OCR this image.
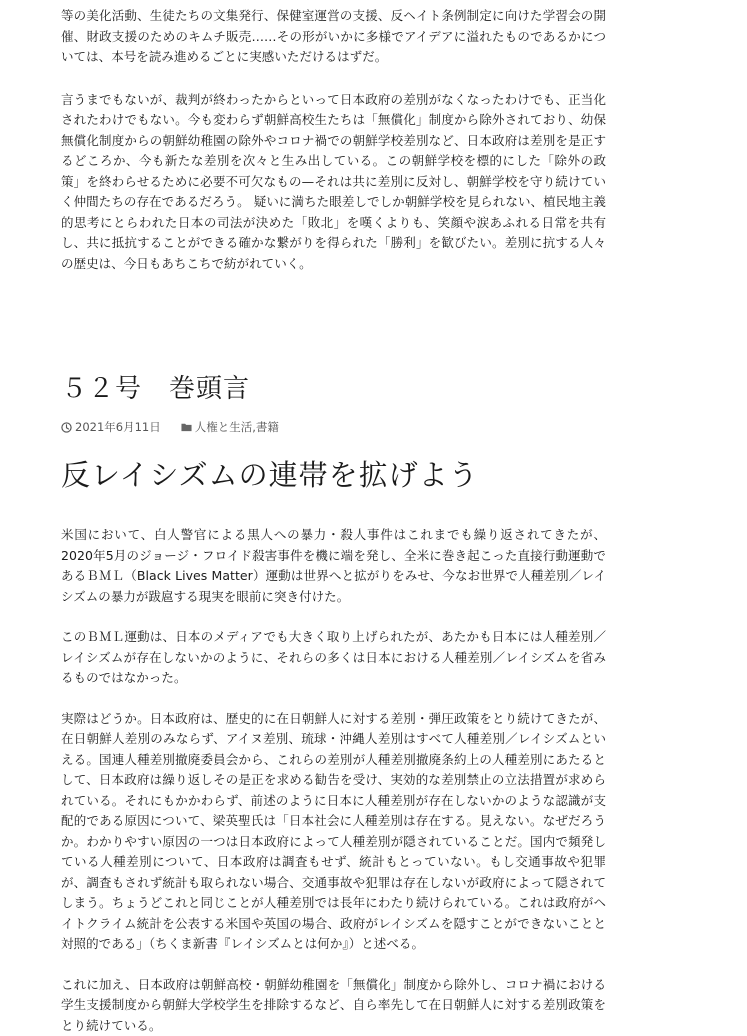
等の美化活動、生徒たちの文集発行、保健室運営の支援、反ヘイト条例制定に向けた学習会の開催、財政支援のためのキムチ販売……その形がいかに多様でアイデアに溢れたものであるかについては、本号を読み進めるごとに実感いただけるはずだ。

言うまでもないが、裁判が終わったからといって日本政府の差別がなくなったわけでも、正当化されたわけでもない。今も変わらず朝鮮高校生たちは「無償化」制度から除外されており、幼保無償化制度からの朝鮮幼稚園の除外やコロナ禍での朝鮮学校差別など、日本政府は差別を是正するどころか、今も新たな差別を次々と生み出している。この朝鮮学校を標的にした「除外の政策」を終わらせるために必要不可欠なもの—それは共に差別に反対し、朝鮮学校を守り続けていく仲間たちの存在であるだろう。 疑いに満ちた眼差しでしか朝鮮学校を見られない、植民地主義的思考にとらわれた日本の司法が決めた「敗北」を嘆くよりも、笑顔や涙あふれる日常を共有し、共に抵抗することができる確かな繋がりを得られた「勝利」を歓びたい。差別に抗する人々の歴史は、今日もあちこちで紡がれていく。

５２号　巻頭言
2021年6月11日	人権と生活 , 書籍
反レイシズムの連帯を拡げよう

米国において、白人警官による黒人への暴力・殺人事件はこれまでも繰り返されてきたが、2020年5月のジョージ・フロイド殺害事件を機に端を発し、全米に巻き起こった直接行動運動であるＢＭＬ（Black Lives Matter）運動は世界へと拡がりをみせ、今なお世界で人種差別／レイシズムの暴力が跋扈する現実を眼前に突き付けた。

このＢＭＬ運動は、日本のメディアでも大きく取り上げられたが、あたかも日本には人種差別／レイシズムが存在しないかのように、それらの多くは日本における人種差別／レイシズムを省みるものではなかった。

実際はどうか。日本政府は、歴史的に在日朝鮮人に対する差別・弾圧政策をとり続けてきたが、在日朝鮮人差別のみならず、アイヌ差別、琉球・沖縄人差別はすべて人種差別／レイシズムといえる。国連人種差別撤廃委員会から、これらの差別が人種差別撤廃条約上の人種差別にあたるとして、日本政府は繰り返しその是正を求める勧告を受け、実効的な差別禁止の立法措置が求められている。それにもかかわらず、前述のように日本に人種差別が存在しないかのような認識が支配的である原因について、梁英聖氏は「日本社会に人種差別は存在する。見えない。なぜだろうか。わかりやすい原因の一つは日本政府によって人種差別が隠されていることだ。国内で頻発している人種差別について、日本政府は調査もせず、統計もとっていない。もし交通事故や犯罪が、調査もされず統計も取られない場合、交通事故や犯罪は存在しないが政府によって隠されてしまう。ちょうどこれと同じことが人種差別では長年にわたり続けられている。これは政府がヘイトクライム統計を公表する米国や英国の場合、政府がレイシズムを隠すことができないことと対照的である」（ちくま新書『レイシズムとは何か』）と述べる。

これに加え、日本政府は朝鮮高校・朝鮮幼稚園を「無償化」制度から除外し、コロナ禍における学生支援制度から朝鮮大学校学生を排除するなど、自ら率先して在日朝鮮人に対する差別政策をとり続けている。
